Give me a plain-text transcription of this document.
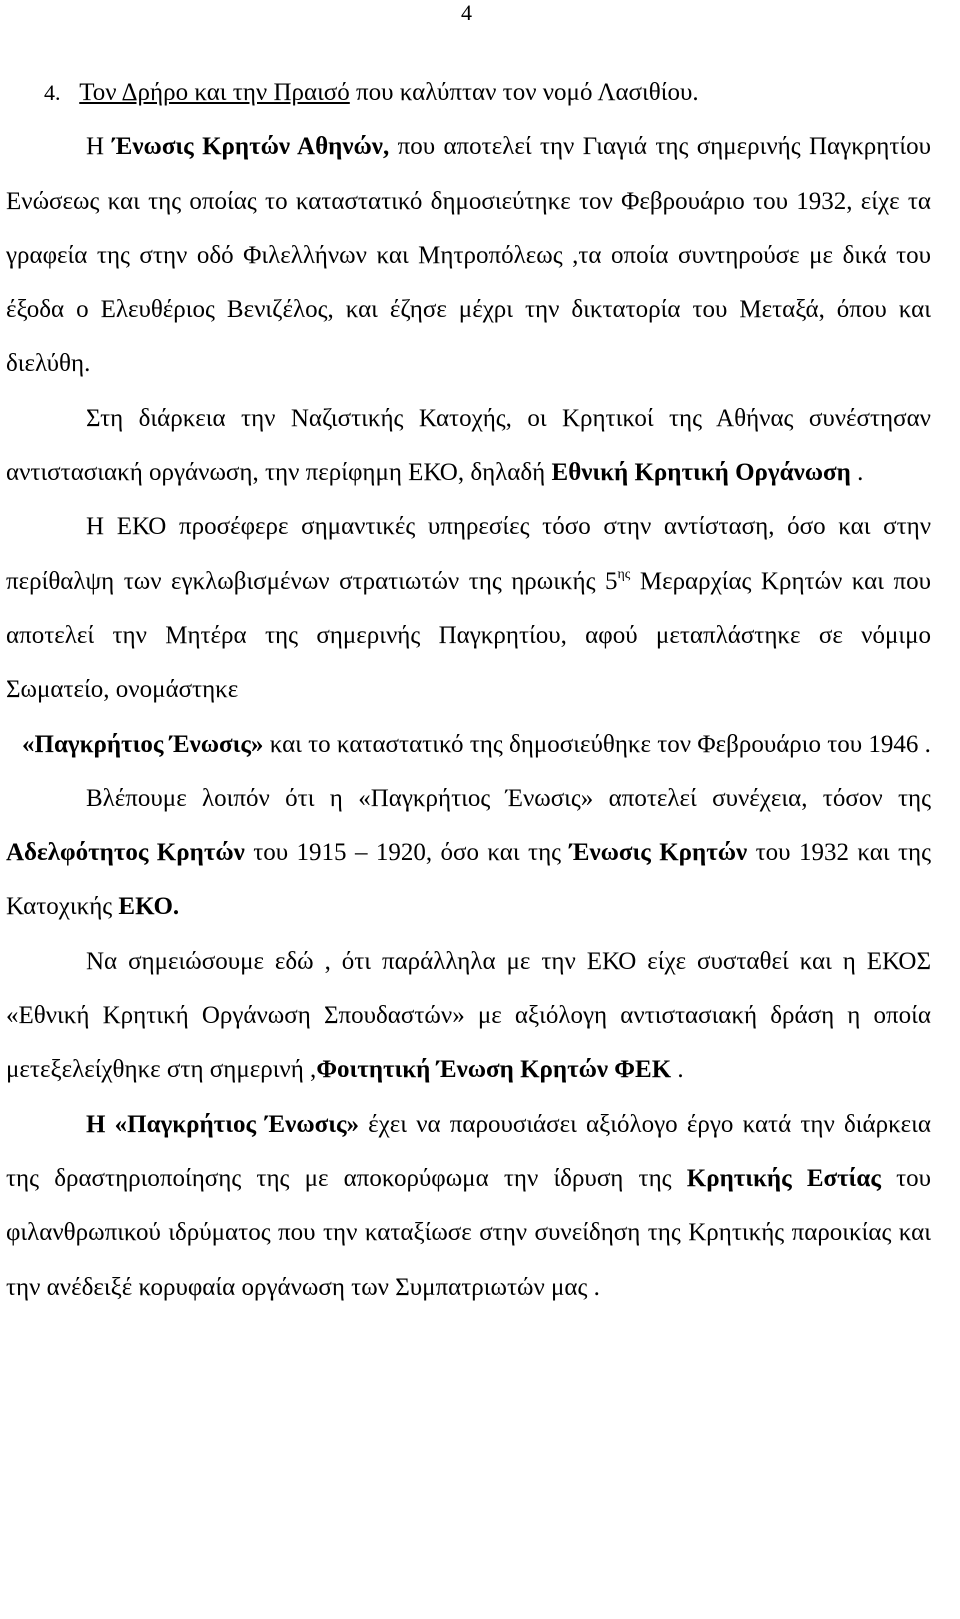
4

4. Τον Δρήρο και την Πραισό που καλύπταν τον νομό Λασιθίου.

Η Ένωσις Κρητών Αθηνών, που αποτελεί την Γιαγιά της σημερινής Παγκρητίου Ενώσεως και της οποίας το καταστατικό δημοσιεύτηκε τον Φεβρουάριο του 1932, είχε τα γραφεία της στην οδό Φιλελλήνων και Μητροπόλεως ,τα οποία συντηρούσε με δικά του έξοδα ο Ελευθέριος Βενιζέλος, και έζησε μέχρι την δικτατορία του Μεταξά, όπου και διελύθη.

Στη διάρκεια την Ναζιστικής Κατοχής, οι Κρητικοί της Αθήνας συνέστησαν αντιστασιακή οργάνωση, την περίφημη ΕΚΟ, δηλαδή Εθνική Κρητική Οργάνωση .

Η ΕΚΟ προσέφερε σημαντικές υπηρεσίες τόσο στην αντίσταση, όσο και στην περίθαλψη των εγκλωβισμένων στρατιωτών της ηρωικής $5^{\eta\varsigma}$ Μεραρχίας Κρητών και που αποτελεί την Μητέρα της σημερινής Παγκρητίου, αφού μεταπλάστηκε σε νόμιμο Σωματείο, ονομάστηκε

«Παγκρήτιος Ένωσις» και το καταστατικό της δημοσιεύθηκε τον Φεβρουάριο του 1946 .

Βλέπουμε λοιπόν ότι η «Παγκρήτιος Ένωσις» αποτελεί συνέχεια, τόσον της Αδελφότητος Κρητών του 1915 – 1920, όσο και της Ένωσις Κρητών του 1932 και της Κατοχικής ΕΚΟ.

Να σημειώσουμε εδώ , ότι παράλληλα με την ΕΚΟ είχε συσταθεί και η ΕΚΟΣ «Εθνική Κρητική Οργάνωση Σπουδαστών» με αξιόλογη αντιστασιακή δράση η οποία μετεξελείχθηκε στη σημερινή ,Φοιτητική Ένωση Κρητών ΦΕΚ .

Η «Παγκρήτιος Ένωσις» έχει να παρουσιάσει αξιόλογο έργο κατά την διάρκεια της δραστηριοποίησης της με αποκορύφωμα την ίδρυση της Κρητικής Εστίας του φιλανθρωπικού ιδρύματος που την καταξίωσε στην συνείδηση της Κρητικής παροικίας και την ανέδειξέ κορυφαία οργάνωση των Συμπατριωτών μας .
